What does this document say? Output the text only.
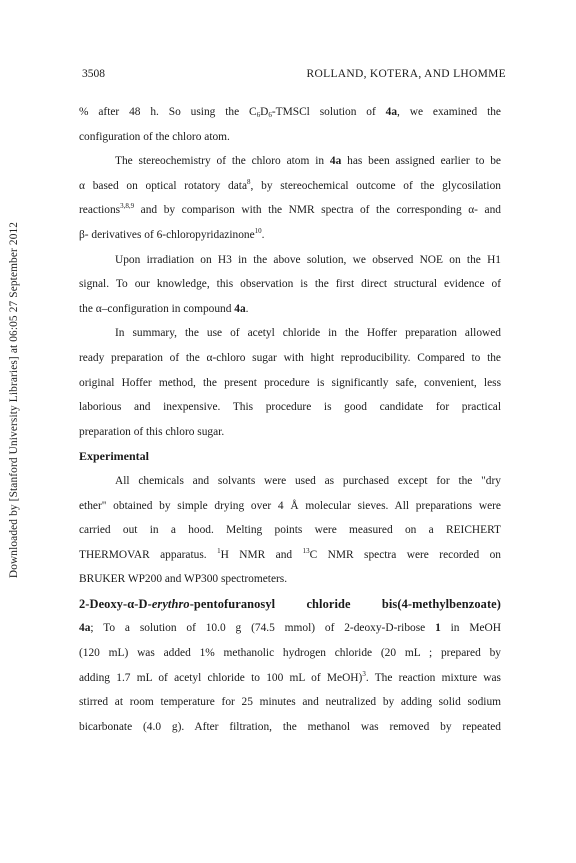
Downloaded by [Stanford University Libraries] at 06:05 27 September 2012
3508	ROLLAND, KOTERA, AND LHOMME
% after 48 h. So using the $C_6D_6$-TMSCl solution of 4a, we examined the
configuration of the chloro atom.
The stereochemistry of the chloro atom in 4a has been assigned earlier to be
α based on optical rotatory data$^8$, by stereochemical outcome of the glycosilation
reactions$^{3,8,9}$ and by comparison with the NMR spectra of the corresponding α- and
β- derivatives of 6-chloropyridazinone$^{10}$.
Upon irradiation on H3 in the above solution, we observed NOE on the H1
signal. To our knowledge, this observation is the first direct structural evidence of
the α–configuration in compound 4a.
In summary, the use of acetyl chloride in the Hoffer preparation allowed
ready preparation of the α-chloro sugar with hight reproducibility. Compared to the
original Hoffer method, the present procedure is significantly safe, convenient, less
laborious and inexpensive. This procedure is good candidate for practical
preparation of this chloro sugar.
Experimental
All chemicals and solvants were used as purchased except for the "dry
ether" obtained by simple drying over 4 Å molecular sieves. All preparations were
carried out in a hood. Melting points were measured on a REICHERT
THERMOVAR apparatus. $^1$H NMR and $^{13}$C NMR spectra were recorded on
BRUKER WP200 and WP300 spectrometers.
2-Deoxy-α-D-erythro-pentofuranosyl chloride bis(4-methylbenzoate)
4a; To a solution of 10.0 g (74.5 mmol) of 2-deoxy-D-ribose 1 in MeOH
(120 mL) was added 1% methanolic hydrogen chloride (20 mL ; prepared by
adding 1.7 mL of acetyl chloride to 100 mL of MeOH)$^3$. The reaction mixture was
stirred at room temperature for 25 minutes and neutralized by adding solid sodium
bicarbonate (4.0 g). After filtration, the methanol was removed by repeated
